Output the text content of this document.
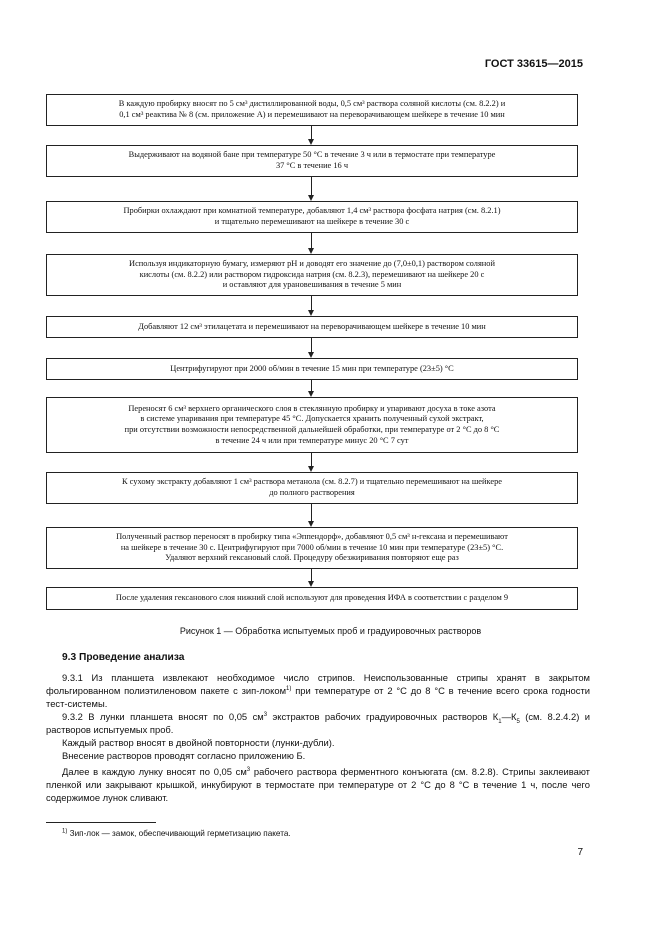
ГОСТ 33615—2015
В каждую пробирку вносят по 5 см³ дистиллированной воды, 0,5 см³ раствора соляной кислоты (см. 8.2.2) и
0,1 см³ реактива № 8 (см. приложение А) и перемешивают на переворачивающем шейкере в течение 10 мин
Выдерживают на водяной бане при температуре 50 °С в течение 3 ч или в термостате при температуре
37 °С в течение 16 ч
Пробирки охлаждают при комнатной температуре, добавляют 1,4 см³ раствора фосфата натрия (см. 8.2.1)
и тщательно перемешивают на шейкере в течение 30 с
Используя индикаторную бумагу, измеряют pH и доводят его значение до (7,0±0,1) раствором соляной
кислоты (см. 8.2.2) или раствором гидроксида натрия (см. 8.2.3), перемешивают на шейкере 20 с
и оставляют для урановешивания в течение 5 мин
Добавляют 12 см³ этилацетата и перемешивают на переворачивающем шейкере в течение 10 мин
Центрифугируют при 2000 об/мин в течение 15 мин при температуре (23±5) °С
Переносят 6 см³ верхнего органического слоя в стеклянную пробирку и упаривают досуха в токе азота
в системе упаривания при температуре 45 °С. Допускается хранить полученный сухой экстракт,
при отсутствии возможности непосредственной дальнейшей обработки, при температуре от 2 °С до 8 °С
в течение 24 ч или при температуре минус 20 °С 7 сут
К сухому экстракту добавляют 1 см³ раствора метанола (см. 8.2.7) и тщательно перемешивают на шейкере
до полного растворения
Полученный раствор переносят в пробирку типа «Эппендорф», добавляют 0,5 см³ н-гексана и перемешивают
на шейкере в течение 30 с. Центрифугируют при 7000 об/мин в течение 10 мин при температуре (23±5) °С.
Удаляют верхний гексановый слой. Процедуру обезжиривания повторяют еще раз
После удаления гексанового слоя нижний слой используют для проведения ИФА в соответствии с разделом 9
Рисунок 1 — Обработка испытуемых проб и градуировочных растворов
9.3 Проведение анализа
9.3.1 Из планшета извлекают необходимое число стрипов. Неиспользованные стрипы хранят в закрытом фольгированном полиэтиленовом пакете с зип-локом$^{1)}$ при температуре от 2 °С до 8 °С в течение всего срока годности тест-системы.
9.3.2 В лунки планшета вносят по 0,05 $см^3$ экстрактов рабочих градуировочных растворов $К_1—К_5$ (см. 8.2.4.2) и растворов испытуемых проб.
Каждый раствор вносят в двойной повторности (лунки-дубли).
Внесение растворов проводят согласно приложению Б.
Далее в каждую лунку вносят по 0,05 $см^3$ рабочего раствора ферментного конъюгата (см. 8.2.8). Стрипы заклеивают пленкой или закрывают крышкой, инкубируют в термостате при температуре от 2 °С до 8 °С в течение 1 ч, после чего содержимое лунок сливают.
$^{1)}$ Зип-лок — замок, обеспечивающий герметизацию пакета.
7
